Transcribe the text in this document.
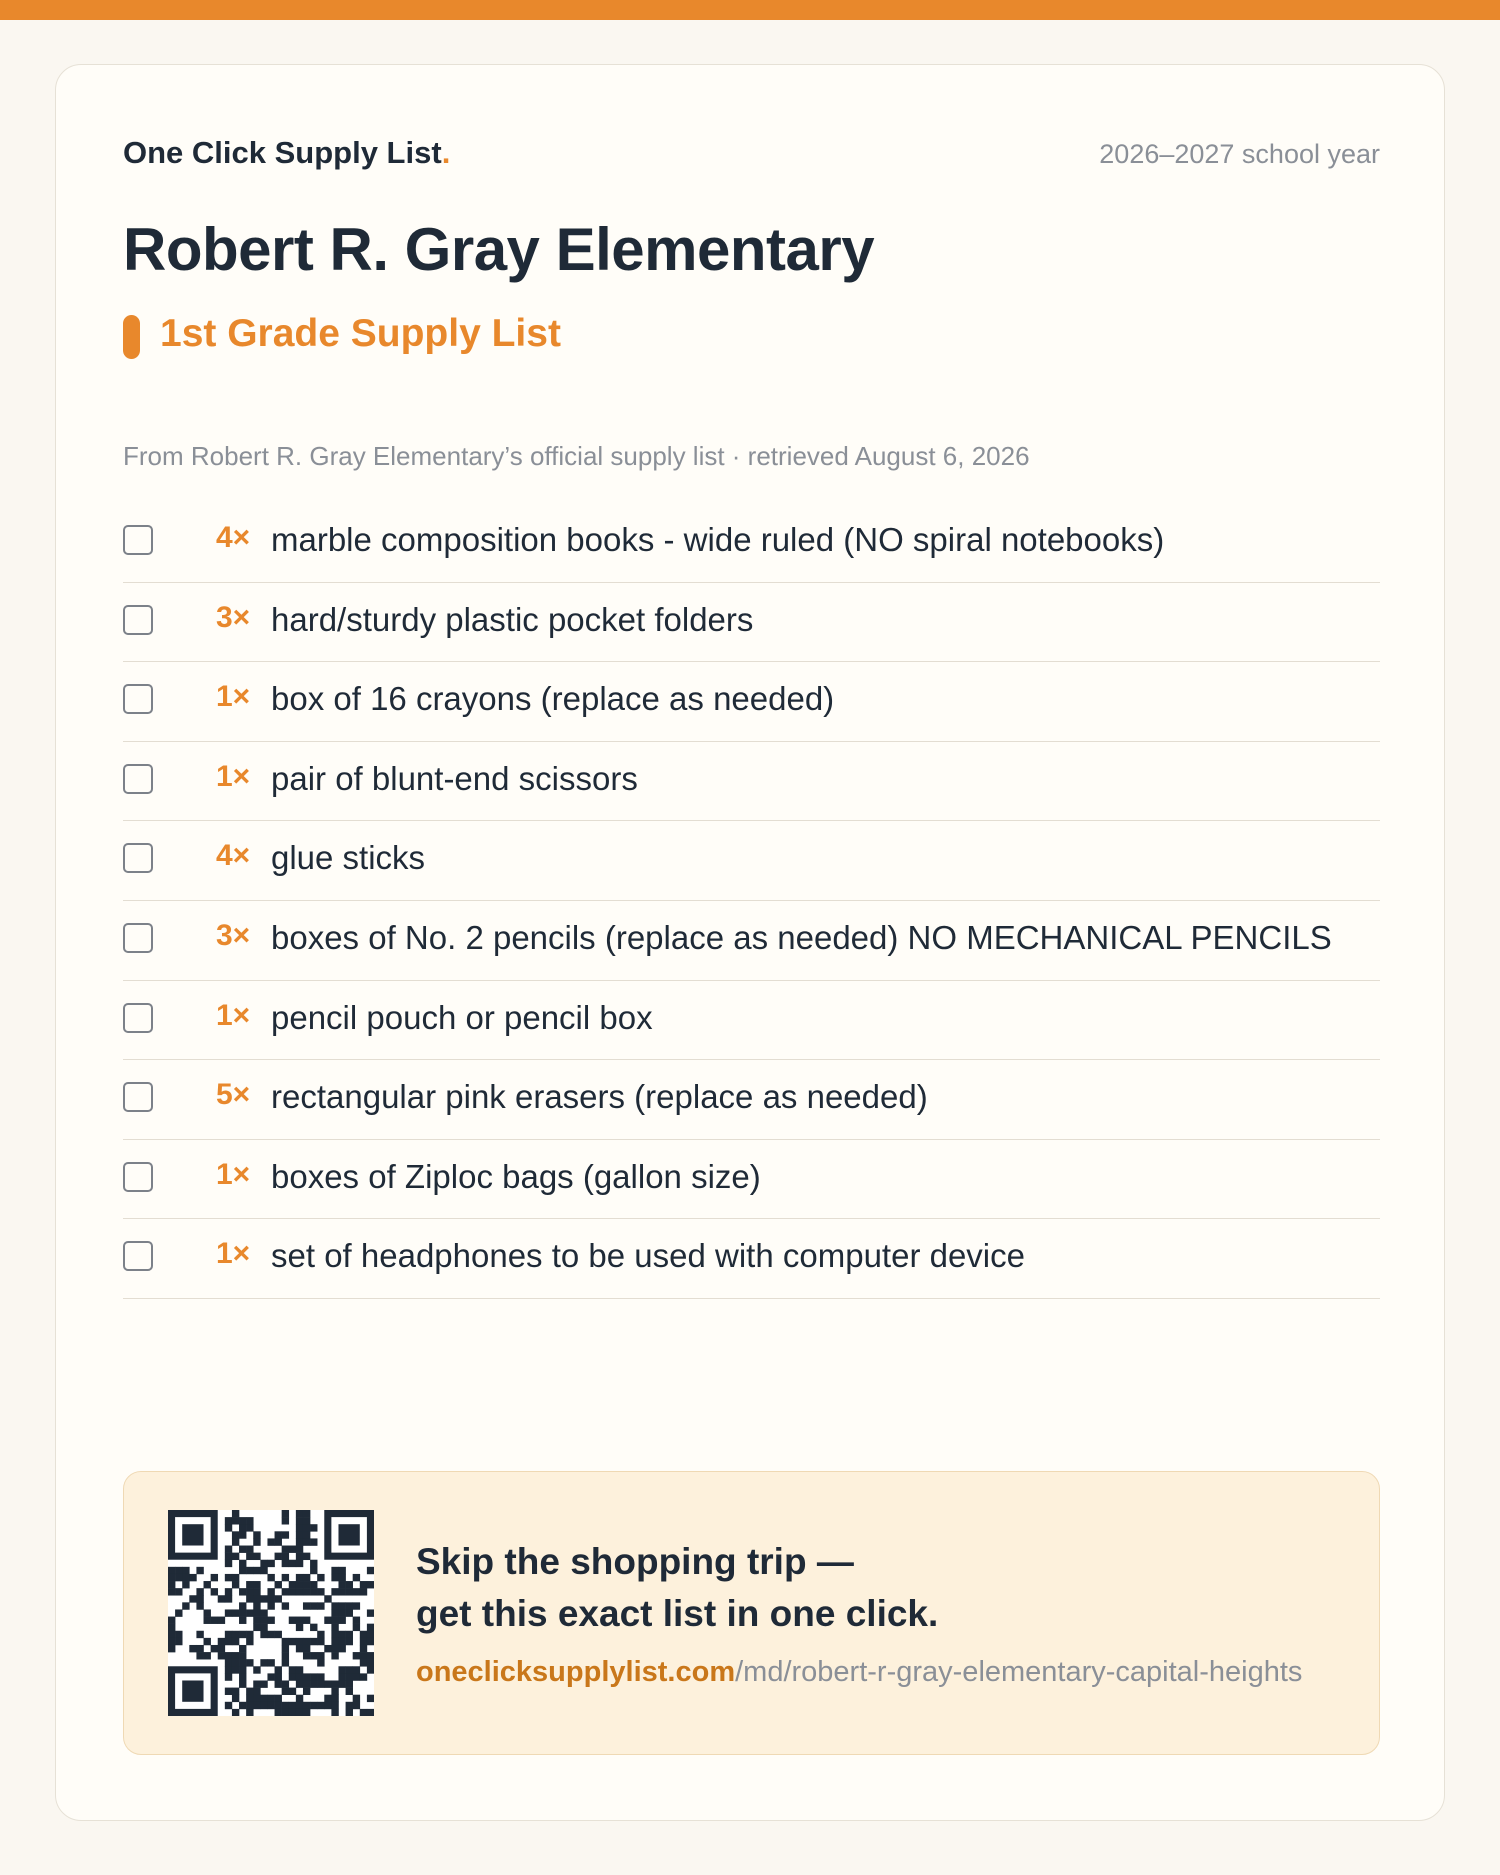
One Click Supply List.	2026–2027 school year
Robert R. Gray Elementary
1st Grade Supply List
From Robert R. Gray Elementary’s official supply list · retrieved August 6, 2026
4× marble composition books - wide ruled (NO spiral notebooks)
3× hard/sturdy plastic pocket folders
1× box of 16 crayons (replace as needed)
1× pair of blunt-end scissors
4× glue sticks
3× boxes of No. 2 pencils (replace as needed) NO MECHANICAL PENCILS
1× pencil pouch or pencil box
5× rectangular pink erasers (replace as needed)
1× boxes of Ziploc bags (gallon size)
1× set of headphones to be used with computer device
Skip the shopping trip —
get this exact list in one click.
oneclicksupplylist.com/md/robert-r-gray-elementary-capital-heights
